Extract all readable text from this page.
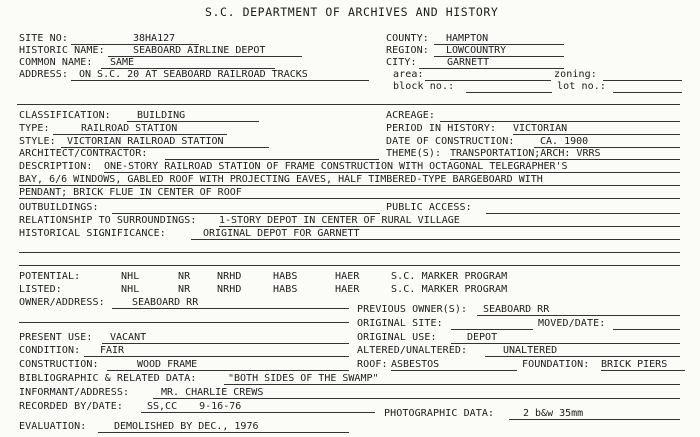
S.C. DEPARTMENT OF ARCHIVES AND HISTORY
SITE NO:	38HA127	COUNTY:	HAMPTON
HISTORIC NAME:	SEABOARD AIRLINE DEPOT	REGION:	LOWCOUNTRY
COMMON NAME:	SAME	CITY:	GARNETT
ADDRESS:	ON S.C. 20 AT SEABOARD RAILROAD TRACKS	area:	zoning:
block no.:	lot no.:
CLASSIFICATION:	BUILDING	ACREAGE:
TYPE:	RAILROAD STATION	PERIOD IN HISTORY: VICTORIAN
STYLE:	VICTORIAN RAILROAD STATION	DATE OF CONSTRUCTION:	CA. 1900
ARCHITECT/CONTRACTOR:	THEME(S): TRANSPORTATION;ARCH: VRRS
DESCRIPTION: ONE-STORY RAILROAD STATION OF FRAME CONSTRUCTION WITH OCTAGONAL TELEGRAPHER'S
BAY, 6/6 WINDOWS, GABLED ROOF WITH PROJECTING EAVES, HALF TIMBERED-TYPE BARGEBOARD WITH
PENDANT; BRICK FLUE IN CENTER OF ROOF
OUTBUILDINGS:	PUBLIC ACCESS:
RELATIONSHIP TO SURROUNDINGS: 1-STORY DEPOT IN CENTER OF RURAL VILLAGE
HISTORICAL SIGNIFICANCE:	ORIGINAL DEPOT FOR GARNETT
POTENTIAL:	NHL	NR	NRHD	HABS	HAER	S.C. MARKER PROGRAM
LISTED:	NHL	NR	NRHD	HABS	HAER	S.C. MARKER PROGRAM
OWNER/ADDRESS:	SEABOARD RR
PREVIOUS OWNER(S):	SEABOARD RR
ORIGINAL SITE:	MOVED/DATE:
PRESENT USE:	VACANT	ORIGINAL USE:	DEPOT
CONDITION:	FAIR	ALTERED/UNALTERED:	UNALTERED
CONSTRUCTION:	WOOD FRAME	ROOF: ASBESTOS	FOUNDATION: BRICK PIERS
BIBLIOGRAPHIC & RELATED DATA:	"BOTH SIDES OF THE SWAMP"
INFORMANT/ADDRESS:	MR. CHARLIE CREWS
RECORDED BY/DATE:	SS,CC 9-16-76
PHOTOGRAPHIC DATA:	2 b&w 35mm
EVALUATION:	DEMOLISHED BY DEC., 1976
